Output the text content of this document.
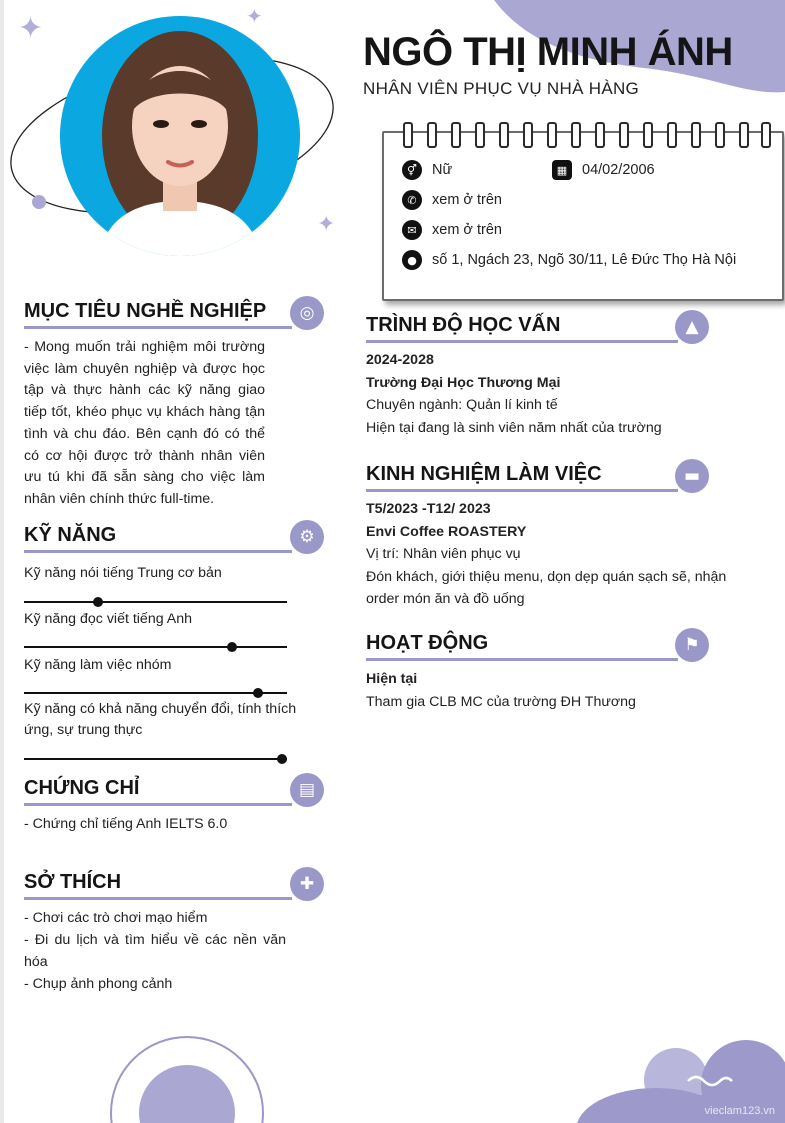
✦	✦
✦
NGÔ THỊ MINH ÁNH
NHÂN VIÊN PHỤC VỤ NHÀ HÀNG
⚥	Nữ	▦	04/02/2006
✆	xem ở trên
✉	xem ở trên
●	số 1, Ngách 23, Ngõ 30/11, Lê Đức Thọ Hà Nội
MỤC TIÊU NGHỀ NGHIỆP	◎
- Mong muốn trải nghiệm môi trường việc làm chuyên nghiệp và được học tập và thực hành các kỹ năng giao tiếp tốt, khéo phục vụ khách hàng tận tình và chu đáo. Bên cạnh đó có thể có cơ hội được trở thành nhân viên ưu tú khi đã sẵn sàng cho việc làm nhân viên chính thức full-time.
KỸ NĂNG	⚙
Kỹ năng nói tiếng Trung cơ bản
Kỹ năng đọc viết tiếng Anh
Kỹ năng làm việc nhóm
Kỹ năng có khả năng chuyển đổi, tính thích ứng, sự trung thực
CHỨNG CHỈ	▤
- Chứng chỉ tiếng Anh IELTS 6.0
SỞ THÍCH	✚
- Chơi các trò chơi mạo hiểm
- Đi du lịch và tìm hiểu về các nền văn hóa
- Chụp ảnh phong cảnh
TRÌNH ĐỘ HỌC VẤN	▲
2024-2028
Trường Đại Học Thương Mại
Chuyên ngành: Quản lí kinh tế
Hiện tại đang là sinh viên năm nhất của trường
KINH NGHIỆM LÀM VIỆC	▬
T5/2023 -T12/ 2023
Envi Coffee ROASTERY
Vị trí: Nhân viên phục vụ
Đón khách, giới thiệu menu, dọn dẹp quán sạch sẽ, nhận order món ăn và đồ uống
HOẠT ĐỘNG	⚑
Hiện tại
Tham gia CLB MC của trường ĐH Thương
vieclam123.vn
